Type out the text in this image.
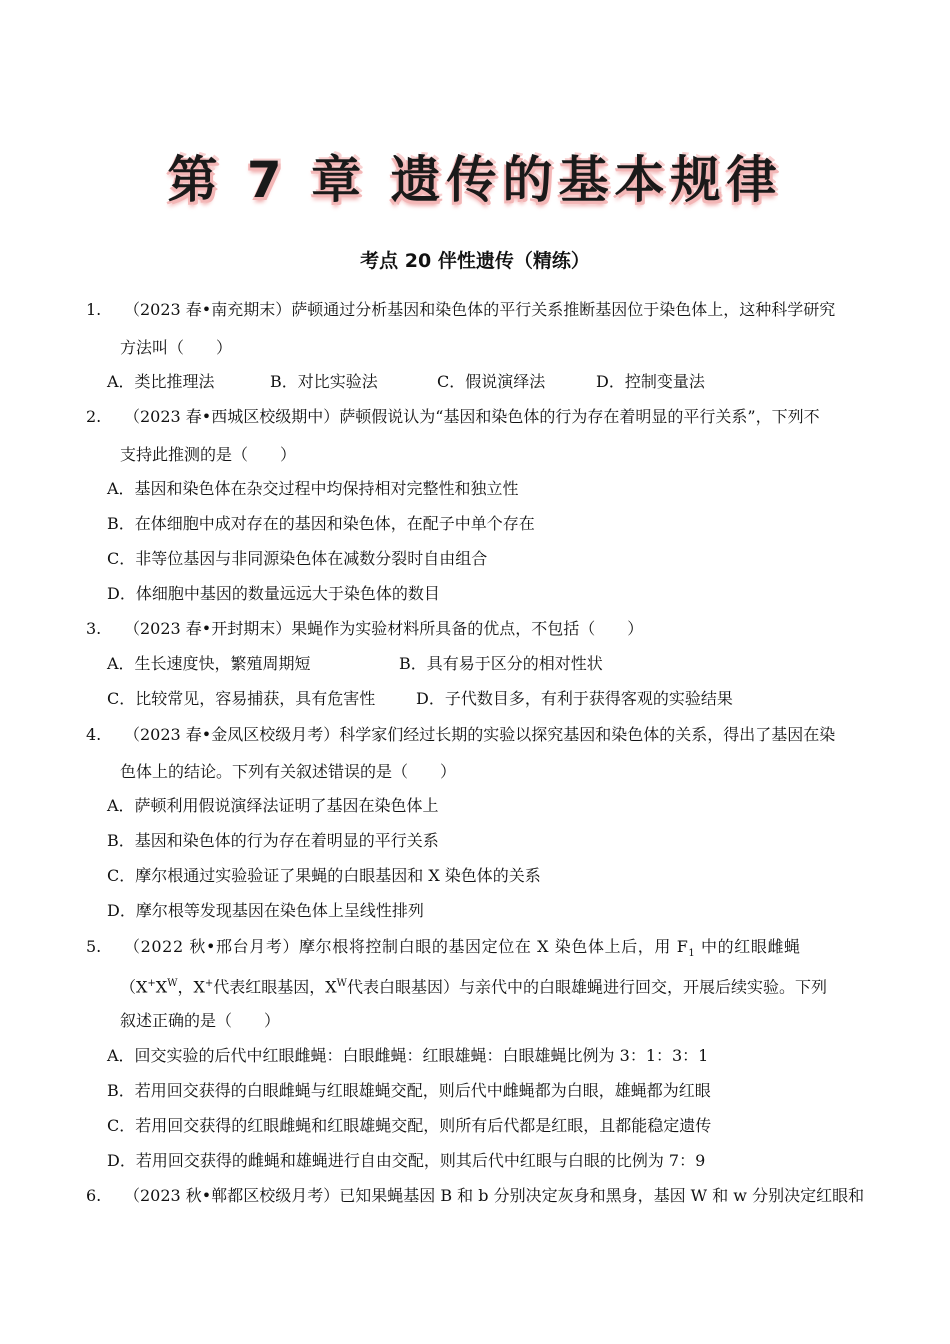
第 7 章 遗传的基本规律
考点 20 伴性遗传（精练）
1. （2023 春•南充期末）萨顿通过分析基因和染色体的平行关系推断基因位于染色体上，这种科学研究
方法叫（　　）
A．类比推理法	B．对比实验法	C．假说演绎法	D．控制变量法
2. （2023 春•西城区校级期中）萨顿假说认为“基因和染色体的行为存在着明显的平行关系”，下列不
支持此推测的是（　　）
A．基因和染色体在杂交过程中均保持相对完整性和独立性
B．在体细胞中成对存在的基因和染色体，在配子中单个存在
C．非等位基因与非同源染色体在减数分裂时自由组合
D．体细胞中基因的数量远远大于染色体的数目
3. （2023 春•开封期末）果蝇作为实验材料所具备的优点，不包括（　　）
A．生长速度快，繁殖周期短	B．具有易于区分的相对性状
C．比较常见，容易捕获，具有危害性	D．子代数目多，有利于获得客观的实验结果
4. （2023 春•金凤区校级月考）科学家们经过长期的实验以探究基因和染色体的关系，得出了基因在染
色体上的结论。下列有关叙述错误的是（　　）
A．萨顿利用假说演绎法证明了基因在染色体上
B．基因和染色体的行为存在着明显的平行关系
C．摩尔根通过实验验证了果蝇的白眼基因和 X 染色体的关系
D．摩尔根等发现基因在染色体上呈线性排列
5. （2022 秋•邢台月考）摩尔根将控制白眼的基因定位在 X 染色体上后，用 $F_1$ 中的红眼雌蝇
（$X^+X^W$，X+代表红眼基因，$X^W$代表白眼基因）与亲代中的白眼雄蝇进行回交，开展后续实验。下列
叙述正确的是（　　）
A．回交实验的后代中红眼雌蝇：白眼雌蝇：红眼雄蝇：白眼雄蝇比例为 3：1：3：1
B．若用回交获得的白眼雌蝇与红眼雄蝇交配，则后代中雌蝇都为白眼，雄蝇都为红眼
C．若用回交获得的红眼雌蝇和红眼雄蝇交配，则所有后代都是红眼，且都能稳定遗传
D．若用回交获得的雌蝇和雄蝇进行自由交配，则其后代中红眼与白眼的比例为 7：9
6. （2023 秋•郸都区校级月考）已知果蝇基因 B 和 b 分别决定灰身和黑身，基因 W 和 w 分别决定红眼和
